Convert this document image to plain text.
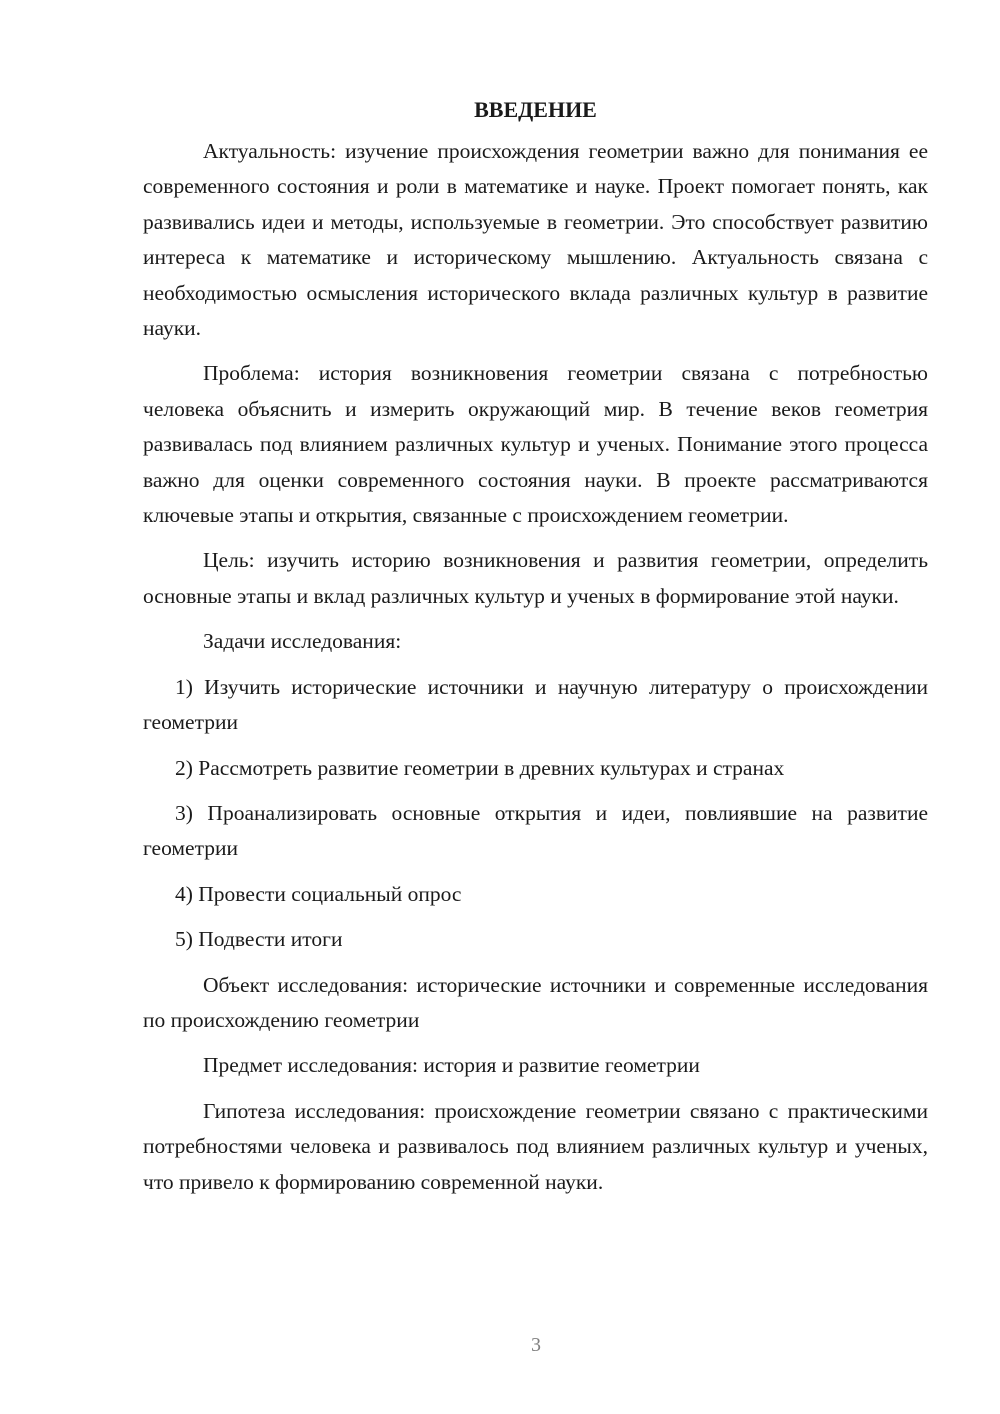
ВВЕДЕНИЕ

Актуальность: изучение происхождения геометрии важно для понимания ее современного состояния и роли в математике и науке. Проект помогает понять, как развивались идеи и методы, используемые в геометрии. Это способствует развитию интереса к математике и историческому мышлению. Актуальность связана с необходимостью осмысления исторического вклада различных культур в развитие науки.

Проблема: история возникновения геометрии связана с потребностью человека объяснить и измерить окружающий мир. В течение веков геометрия развивалась под влиянием различных культур и ученых. Понимание этого процесса важно для оценки современного состояния науки. В проекте рассматриваются ключевые этапы и открытия, связанные с происхождением геометрии.

Цель: изучить историю возникновения и развития геометрии, определить основные этапы и вклад различных культур и ученых в формирование этой науки.

Задачи исследования:

1) Изучить исторические источники и научную литературу о происхождении геометрии

2) Рассмотреть развитие геометрии в древних культурах и странах

3) Проанализировать основные открытия и идеи, повлиявшие на развитие геометрии

4) Провести социальный опрос

5) Подвести итоги

Объект исследования: исторические источники и современные исследования по происхождению геометрии

Предмет исследования: история и развитие геометрии

Гипотеза исследования: происхождение геометрии связано с практическими потребностями человека и развивалось под влиянием различных культур и ученых, что привело к формированию современной науки.

3
